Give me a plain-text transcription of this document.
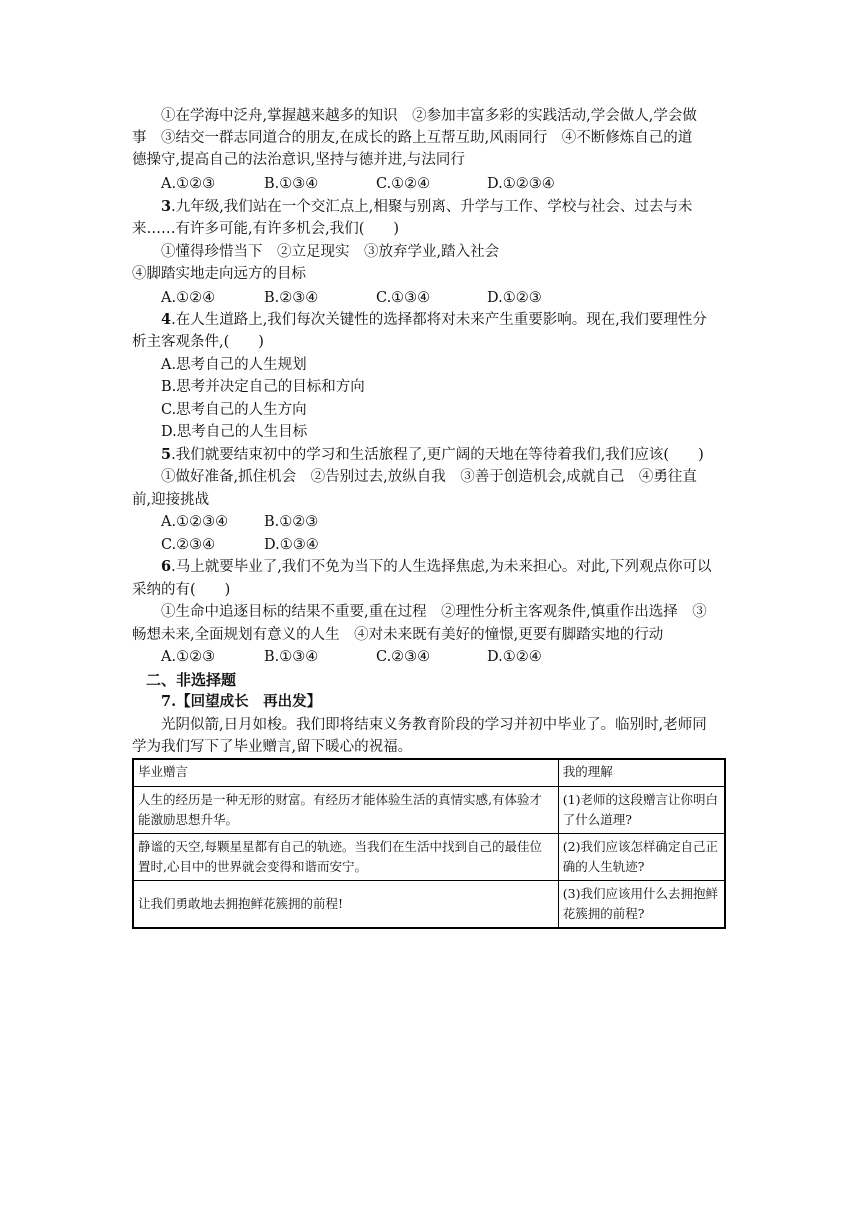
①在学海中泛舟,掌握越来越多的知识　②参加丰富多彩的实践活动,学会做人,学会做
事　③结交一群志同道合的朋友,在成长的路上互帮互助,风雨同行　④不断修炼自己的道
德操守,提高自己的法治意识,坚持与德并进,与法同行
A.①②③	B.①③④	C.①②④	D.①②③④
3.九年级,我们站在一个交汇点上,相聚与别离、升学与工作、学校与社会、过去与未
来……有许多可能,有许多机会,我们(　　)
①懂得珍惜当下　②立足现实　③放弃学业,踏入社会
④脚踏实地走向远方的目标
A.①②④	B.②③④	C.①③④	D.①②③
4.在人生道路上,我们每次关键性的选择都将对未来产生重要影响。现在,我们要理性分
析主客观条件,(　　)
A.思考自己的人生规划
B.思考并决定自己的目标和方向
C.思考自己的人生方向
D.思考自己的人生目标
5.我们就要结束初中的学习和生活旅程了,更广阔的天地在等待着我们,我们应该(　　)
①做好准备,抓住机会　②告别过去,放纵自我　③善于创造机会,成就自己　④勇往直
前,迎接挑战
A.①②③④ B.①②③
C.②③④	D.①③④
6.马上就要毕业了,我们不免为当下的人生选择焦虑,为未来担心。对此,下列观点你可以
采纳的有(　　)
①生命中追逐目标的结果不重要,重在过程　②理性分析主客观条件,慎重作出选择　③
畅想未来,全面规划有意义的人生　④对未来既有美好的憧憬,更要有脚踏实地的行动
A.①②③	B.①③④	C.②③④	D.①②④
二、非选择题
7.【回望成长　再出发】
光阴似箭,日月如梭。我们即将结束义务教育阶段的学习并初中毕业了。临别时,老师同
学为我们写下了毕业赠言,留下暖心的祝福。
毕业赠言	我的理解
人生的经历是一种无形的财富。有经历才能体验生活的真情实感,有体验才能激励思想升华。	(1)老师的这段赠言让你明白了什么道理?
静谧的天空,每颗星星都有自己的轨迹。当我们在生活中找到自己的最佳位置时,心目中的世界就会变得和谐而安宁。	(2)我们应该怎样确定自己正确的人生轨迹?
让我们勇敢地去拥抱鲜花簇拥的前程!	(3)我们应该用什么去拥抱鲜花簇拥的前程?
